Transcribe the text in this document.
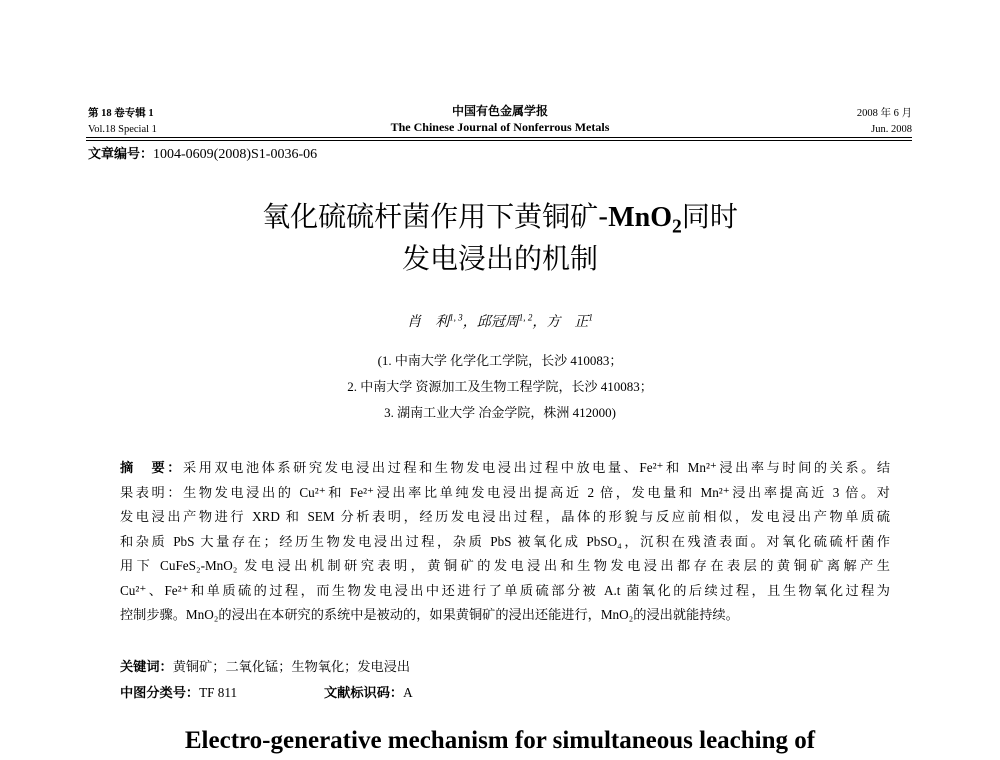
第 18 卷专辑 1
Vol.18 Special 1
中国有色金属学报
The Chinese Journal of Nonferrous Metals
2008 年 6 月
Jun. 2008
文章编号：1004-0609(2008)S1-0036-06
氧化硫硫杆菌作用下黄铜矿-MnO$_2$同时
发电浸出的机制
肖　利$^{1, 3}$，邱冠周$^{1, 2}$，方　正$^1$
(1. 中南大学 化学化工学院，长沙 410083；
2. 中南大学 资源加工及生物工程学院，长沙 410083；
3. 湖南工业大学 冶金学院，株洲 412000)

摘　要：采用双电池体系研究发电浸出过程和生物发电浸出过程中放电量、Fe²⁺和 Mn²⁺浸出率与时间的关系。结

果表明：生物发电浸出的 Cu²⁺和 Fe²⁺浸出率比单纯发电浸出提高近 2 倍，发电量和 Mn²⁺浸出率提高近 3 倍。对

发电浸出产物进行 XRD 和 SEM 分析表明，经历发电浸出过程，晶体的形貌与反应前相似，发电浸出产物单质硫

和杂质 PbS 大量存在；经历生物发电浸出过程，杂质 PbS 被氧化成 PbSO₄，沉积在残渣表面。对氧化硫硫杆菌作

用下 CuFeS₂-MnO₂ 发电浸出机制研究表明，黄铜矿的发电浸出和生物发电浸出都存在表层的黄铜矿离解产生

Cu²⁺、Fe²⁺和单质硫的过程，而生物发电浸出中还进行了单质硫部分被 A.t 菌氧化的后续过程，且生物氧化过程为

控制步骤。MnO₂的浸出在本研究的系统中是被动的，如果黄铜矿的浸出还能进行，MnO₂的浸出就能持续。

关键词：黄铜矿；二氧化锰；生物氧化；发电浸出
中图分类号：TF 811	文献标识码：A
Electro-generative mechanism for simultaneous leaching of
